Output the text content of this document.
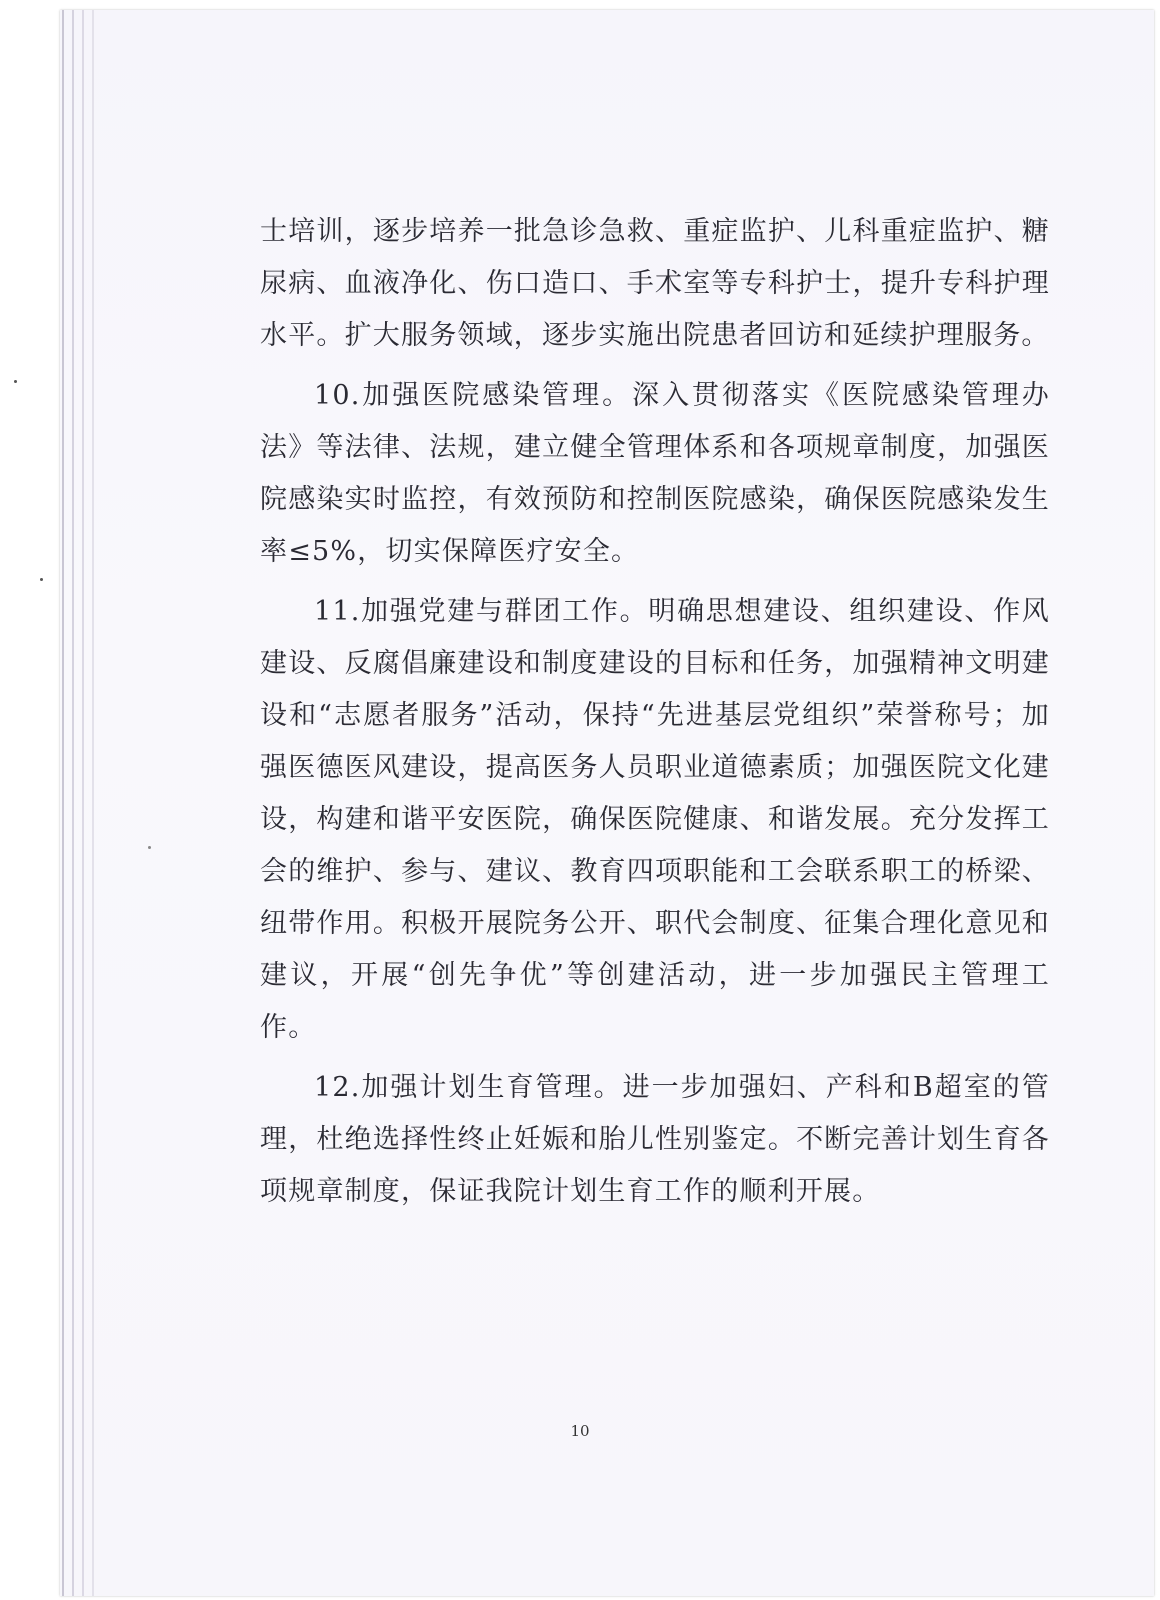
士培训，逐步培养一批急诊急救、重症监护、儿科重症监护、糖尿病、血液净化、伤口造口、手术室等专科护士，提升专科护理水平。扩大服务领域，逐步实施出院患者回访和延续护理服务。

10.加强医院感染管理。深入贯彻落实《医院感染管理办法》等法律、法规，建立健全管理体系和各项规章制度，加强医院感染实时监控，有效预防和控制医院感染，确保医院感染发生率≤5%，切实保障医疗安全。

11.加强党建与群团工作。明确思想建设、组织建设、作风建设、反腐倡廉建设和制度建设的目标和任务，加强精神文明建设和“志愿者服务”活动，保持“先进基层党组织”荣誉称号；加强医德医风建设，提高医务人员职业道德素质；加强医院文化建设，构建和谐平安医院，确保医院健康、和谐发展。充分发挥工会的维护、参与、建议、教育四项职能和工会联系职工的桥梁、纽带作用。积极开展院务公开、职代会制度、征集合理化意见和建议，开展“创先争优”等创建活动，进一步加强民主管理工作。

12.加强计划生育管理。进一步加强妇、产科和B超室的管理，杜绝选择性终止妊娠和胎儿性别鉴定。不断完善计划生育各项规章制度，保证我院计划生育工作的顺利开展。

10
